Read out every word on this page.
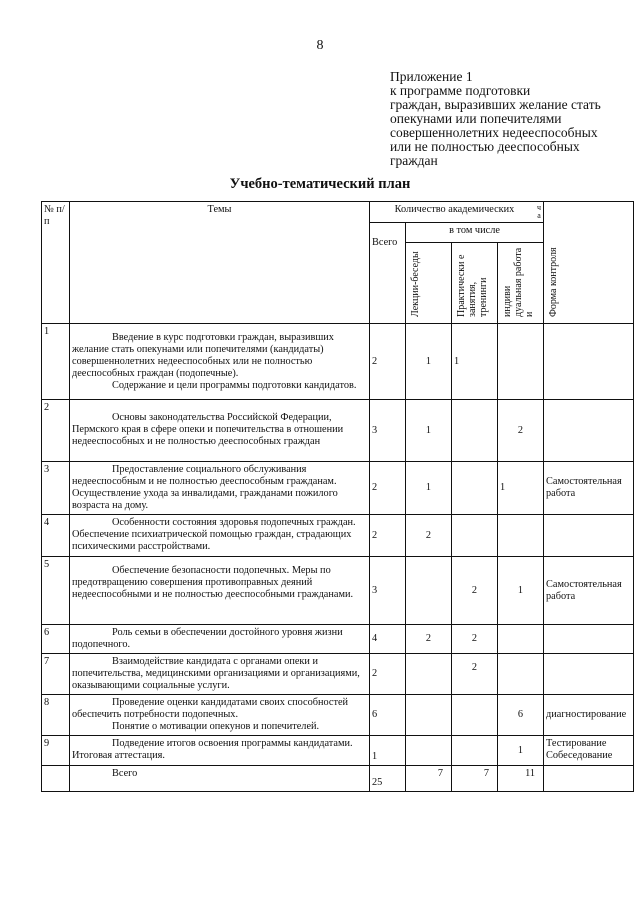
8
Приложение 1
к программе подготовки
граждан, выразивших желание стать
опекунами или попечителями
совершеннолетних недееспособных
или не полностью дееспособных
граждан
Учебно-тематический план
№ п/п	Темы	Количество академических ч
а				Форма контроля
		Всего	в том числе			
			Лекции-беседы	Практически е занятия, тренинги	индиви дуальная работа и	
1	Введение в курс подготовки граждан, выразивших желание стать опекунами или попечителями (кандидаты) совершеннолетних недееспособных или не полностью дееспособных граждан (подопечные).

Содержание и цели программы подготовки кандидатов.	2	1	1		
2	Основы законодательства Российской Федерации, Пермского края в сфере опеки и попечительства в отношении недееспособных и не полностью дееспособных граждан	3	1		2	
3	Предоставление социального обслуживания недееспособным и не полностью дееспособным гражданам. Осуществление ухода за инвалидами, гражданами пожилого возраста на дому.	2	1		1	Самостоятельная работа
4	Особенности состояния здоровья подопечных граждан. Обеспечение психиатрической помощью граждан, страдающих психическими расстройствами.	2	2			
5	Обеспечение безопасности подопечных. Меры по предотвращению совершения противоправных деяний недееспособными и не полностью дееспособными гражданами.	3		2	1	Самостоятельная работа
6	Роль семьи в обеспечении достойного уровня жизни подопечного.	4	2	2		
7	Взаимодействие кандидата с органами опеки и попечительства, медицинскими организациями и организациями, оказывающими социальные услуги.	2		2		
8	Проведение оценки кандидатами своих способностей обеспечить потребности подопечных.

Понятие о мотивации опекунов и попечителей.	6			6	диагностирование
9	Подведение итогов освоения программы кандидатами. Итоговая аттестация.	1			1	Тестирование Собеседование

	Всего	25	7	7	11	
